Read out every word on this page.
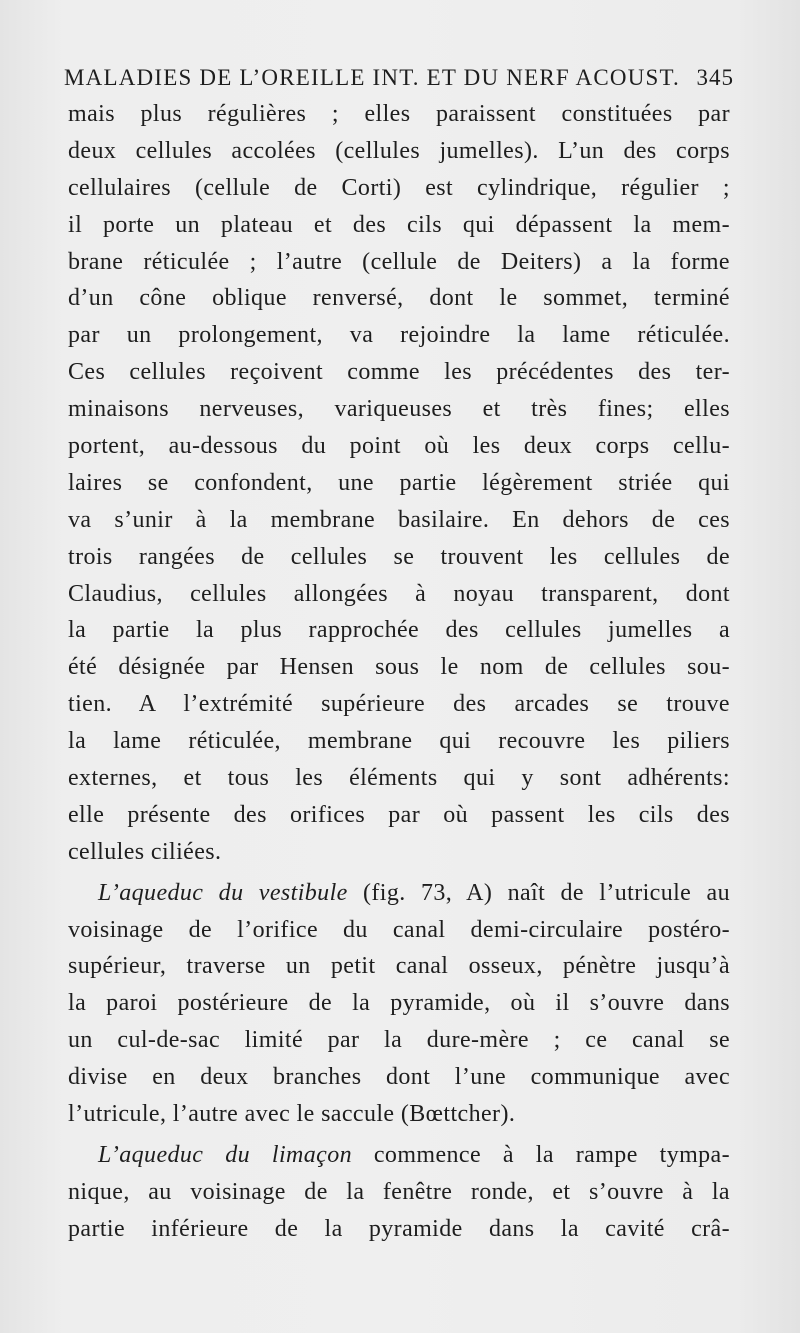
MALADIES DE L’OREILLE INT. ET DU NERF ACOUST. 345
mais plus régulières ; elles paraissent constituées par
deux cellules accolées (cellules jumelles). L’un des corps
cellulaires (cellule de Corti) est cylindrique, régulier ;
il porte un plateau et des cils qui dépassent la mem-
brane réticulée ; l’autre (cellule de Deiters) a la forme
d’un cône oblique renversé, dont le sommet, terminé
par un prolongement, va rejoindre la lame réticulée.
Ces cellules reçoivent comme les précédentes des ter-
minaisons nerveuses, variqueuses et très fines; elles
portent, au-dessous du point où les deux corps cellu-
laires se confondent, une partie légèrement striée qui
va s’unir à la membrane basilaire. En dehors de ces
trois rangées de cellules se trouvent les cellules de
Claudius, cellules allongées à noyau transparent, dont
la partie la plus rapprochée des cellules jumelles a
été désignée par Hensen sous le nom de cellules sou-
tien. A l’extrémité supérieure des arcades se trouve
la lame réticulée, membrane qui recouvre les piliers
externes, et tous les éléments qui y sont adhérents:
elle présente des orifices par où passent les cils des
cellules ciliées.
L’aqueduc du vestibule (fig. 73, A) naît de l’utricule au
voisinage de l’orifice du canal demi-circulaire postéro-
supérieur, traverse un petit canal osseux, pénètre jusqu’à
la paroi postérieure de la pyramide, où il s’ouvre dans
un cul-de-sac limité par la dure-mère ; ce canal se
divise en deux branches dont l’une communique avec
l’utricule, l’autre avec le saccule (Bœttcher).
L’aqueduc du limaçon commence à la rampe tympa-
nique, au voisinage de la fenêtre ronde, et s’ouvre à la
partie inférieure de la pyramide dans la cavité crâ-
